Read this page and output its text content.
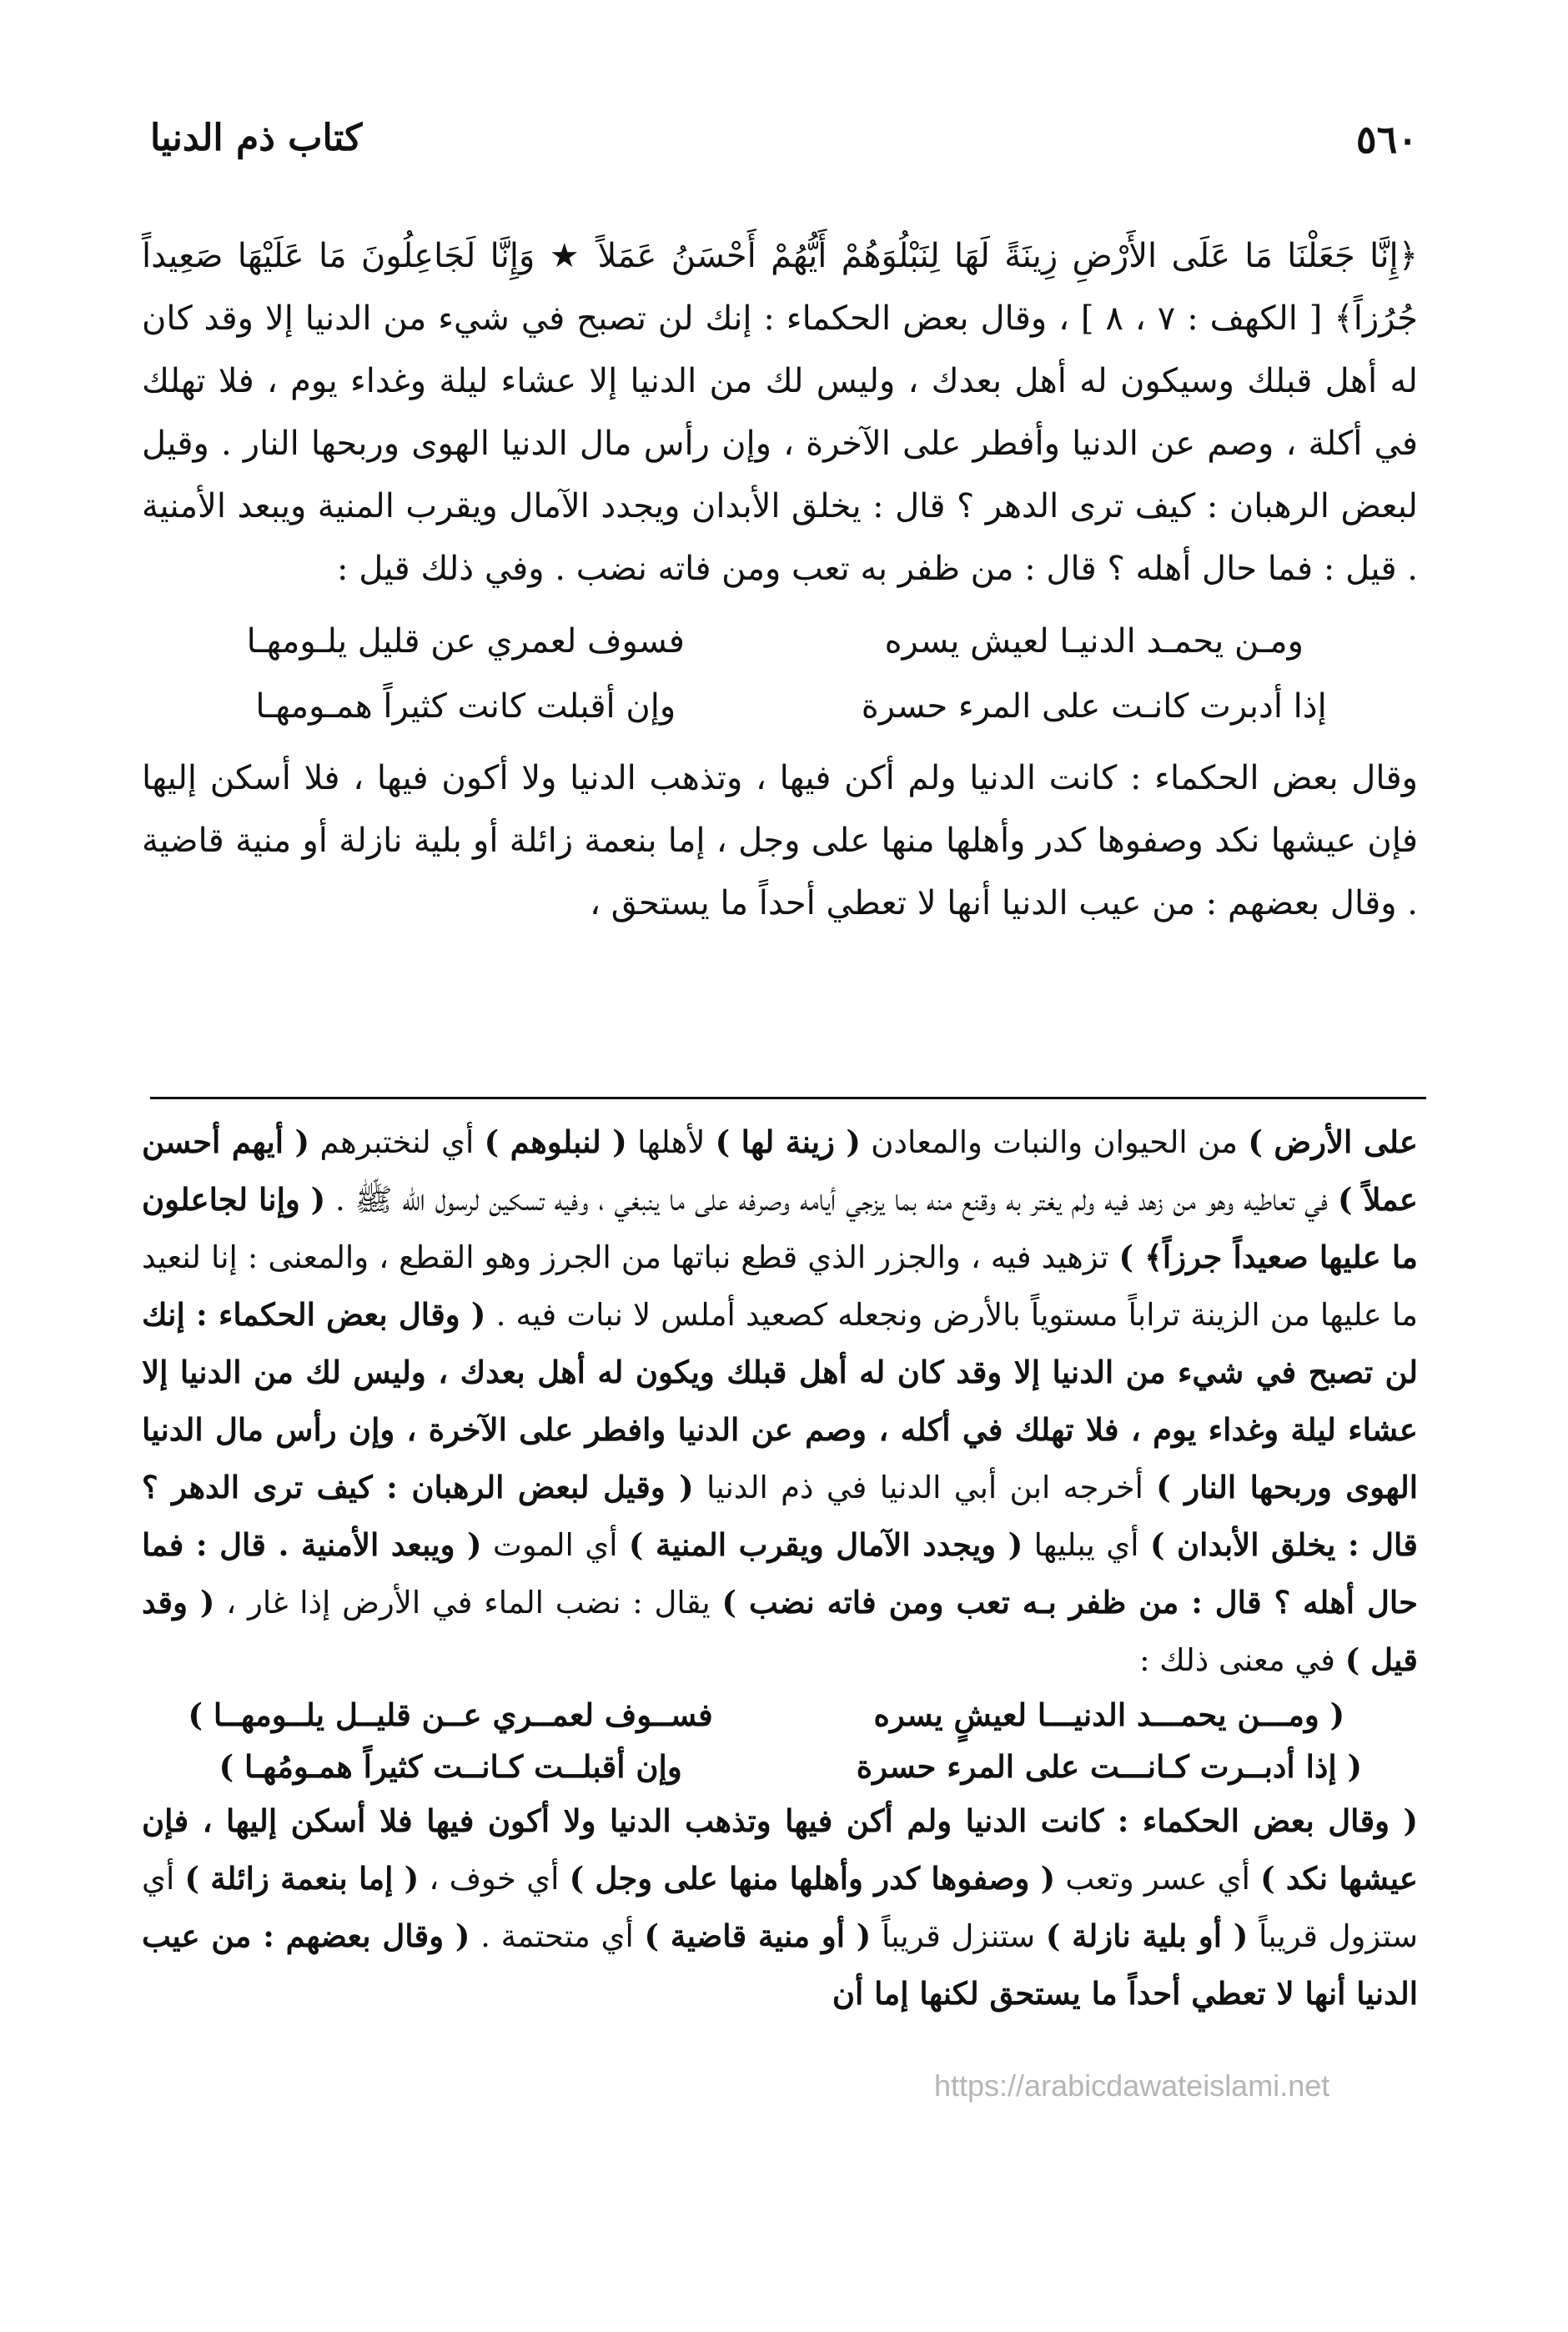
٥٦٠
كتاب ذم الدنيا

﴿إِنَّا جَعَلْنَا مَا عَلَى الأَرْضِ زِينَةً لَهَا لِنَبْلُوَهُمْ أَيُّهُمْ أَحْسَنُ عَمَلاً ★ وَإِنَّا لَجَاعِلُونَ مَا عَلَيْهَا صَعِيداً جُرُزاً﴾ [ الكهف : ٧ ، ٨ ] ، وقال بعض الحكماء : إنك لن تصبح في شيء من الدنيا إلا وقد كان له أهل قبلك وسيكون له أهل بعدك ، وليس لك من الدنيا إلا عشاء ليلة وغداء يوم ، فلا تهلك في أكلة ، وصم عن الدنيا وأفطر على الآخرة ، وإن رأس مال الدنيا الهوى وربحها النار . وقيل لبعض الرهبان : كيف ترى الدهر ؟ قال : يخلق الأبدان ويجدد الآمال ويقرب المنية ويبعد الأمنية . قيل : فما حال أهله ؟ قال : من ظفر به تعب ومن فاته نضب . وفي ذلك قيل :

ومـن يحمـد الدنيـا لعيش يسره
فسوف لعمري عن قليل يلـومهـا
إذا أدبرت كانـت على المرء حسرة
وإن أقبلت كانت كثيراً همـومهـا

وقال بعض الحكماء : كانت الدنيا ولم أكن فيها ، وتذهب الدنيا ولا أكون فيها ، فلا أسكن إليها فإن عيشها نكد وصفوها كدر وأهلها منها على وجل ، إما بنعمة زائلة أو بلية نازلة أو منية قاضية . وقال بعضهم : من عيب الدنيا أنها لا تعطي أحداً ما يستحق ،

على الأرض ) من الحيوان والنبات والمعادن ( زينة لها ) لأهلها ( لنبلوهم ) أي لنختبرهم ( أيهم أحسن عملاً ) في تعاطيه وهو من زهد فيه ولم يغتر به وقنع منه بما يزجي أيامه وصرفه على ما ينبغي ، وفيه تسكين لرسول الله ﷺ . ( وإنا لجاعلون ما عليها صعيداً جرزاً﴾ ) تزهيد فيه ، والجزر الذي قطع نباتها من الجرز وهو القطع ، والمعنى : إنا لنعيد ما عليها من الزينة تراباً مستوياً بالأرض ونجعله كصعيد أملس لا نبات فيه . ( وقال بعض الحكماء : إنك لن تصبح في شيء من الدنيا إلا وقد كان له أهل قبلك ويكون له أهل بعدك ، وليس لك من الدنيا إلا عشاء ليلة وغداء يوم ، فلا تهلك في أكله ، وصم عن الدنيا وافطر على الآخرة ، وإن رأس مال الدنيا الهوى وربحها النار ) أخرجه ابن أبي الدنيا في ذم الدنيا ( وقيل لبعض الرهبان : كيف ترى الدهر ؟ قال : يخلق الأبدان ) أي يبليها ( ويجدد الآمال ويقرب المنية ) أي الموت ( ويبعد الأمنية . قال : فما حال أهله ؟ قال : من ظفر بـه تعب ومن فاته نضب ) يقال : نضب الماء في الأرض إذا غار ، ( وقد قيل ) في معنى ذلك :

( ومـــن يحمـــد الدنيـــا لعيشٍ يسره
فســوف لعمــري عــن قليــل يلــومهــا )
( إذا أدبــرت كـانـــت على المرء حسرة
وإن أقبلــت كـانــت كثيراً همـومُهـا )

( وقال بعض الحكماء : كانت الدنيا ولم أكن فيها وتذهب الدنيا ولا أكون فيها فلا أسكن إليها ، فإن عيشها نكد ) أي عسر وتعب ( وصفوها كدر وأهلها منها على وجل ) أي خوف ، ( إما بنعمة زائلة ) أي ستزول قريباً ( أو بلية نازلة ) ستنزل قريباً ( أو منية قاضية ) أي متحتمة . ( وقال بعضهم : من عيب الدنيا أنها لا تعطي أحداً ما يستحق لكنها إما أن

https://arabicdawateislami.net
